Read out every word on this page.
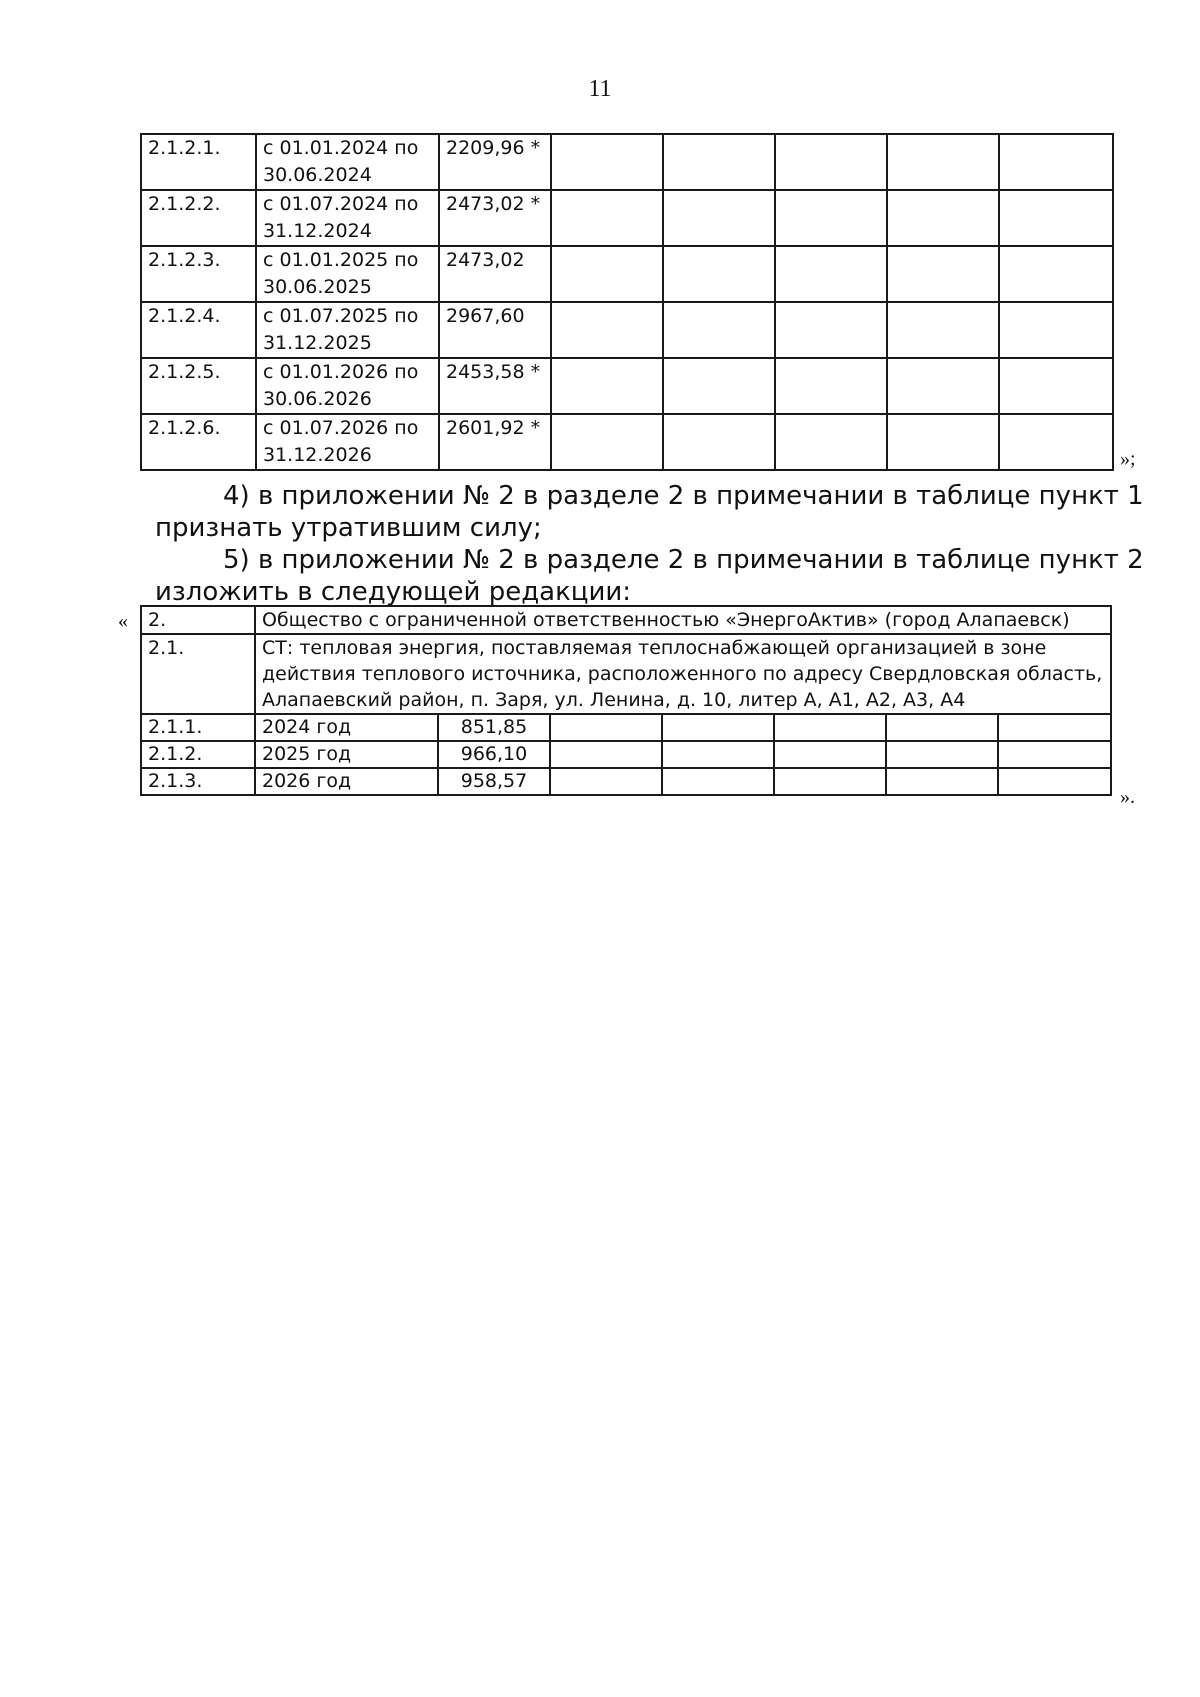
11
2.1.2.1.	с 01.01.2024 по 30.06.2024	2209,96 *					
2.1.2.2.	с 01.07.2024 по 31.12.2024	2473,02 *					
2.1.2.3.	с 01.01.2025 по 30.06.2025	2473,02					
2.1.2.4.	с 01.07.2025 по 31.12.2025	2967,60					
2.1.2.5.	с 01.01.2026 по 30.06.2026	2453,58 *					
2.1.2.6.	с 01.07.2026 по 31.12.2026	2601,92 *					
»;
4) в приложении № 2 в разделе 2 в примечании в таблице пункт 1 признать утратившим силу;
5) в приложении № 2 в разделе 2 в примечании в таблице пункт 2 изложить в следующей редакции:
« 2.	Общество с ограниченной ответственностью «ЭнергоАктив» (город Алапаевск)						
2.1.	СТ: тепловая энергия, поставляемая теплоснабжающей организацией в зоне действия теплового источника, расположенного по адресу Свердловская область, Алапаевский район, п. Заря, ул. Ленина, д. 10, литер А, А1, А2, А3, А4						
2.1.1.	2024 год	851,85					
2.1.2.	2025 год	966,10					
2.1.3.	2026 год	958,57					
».
